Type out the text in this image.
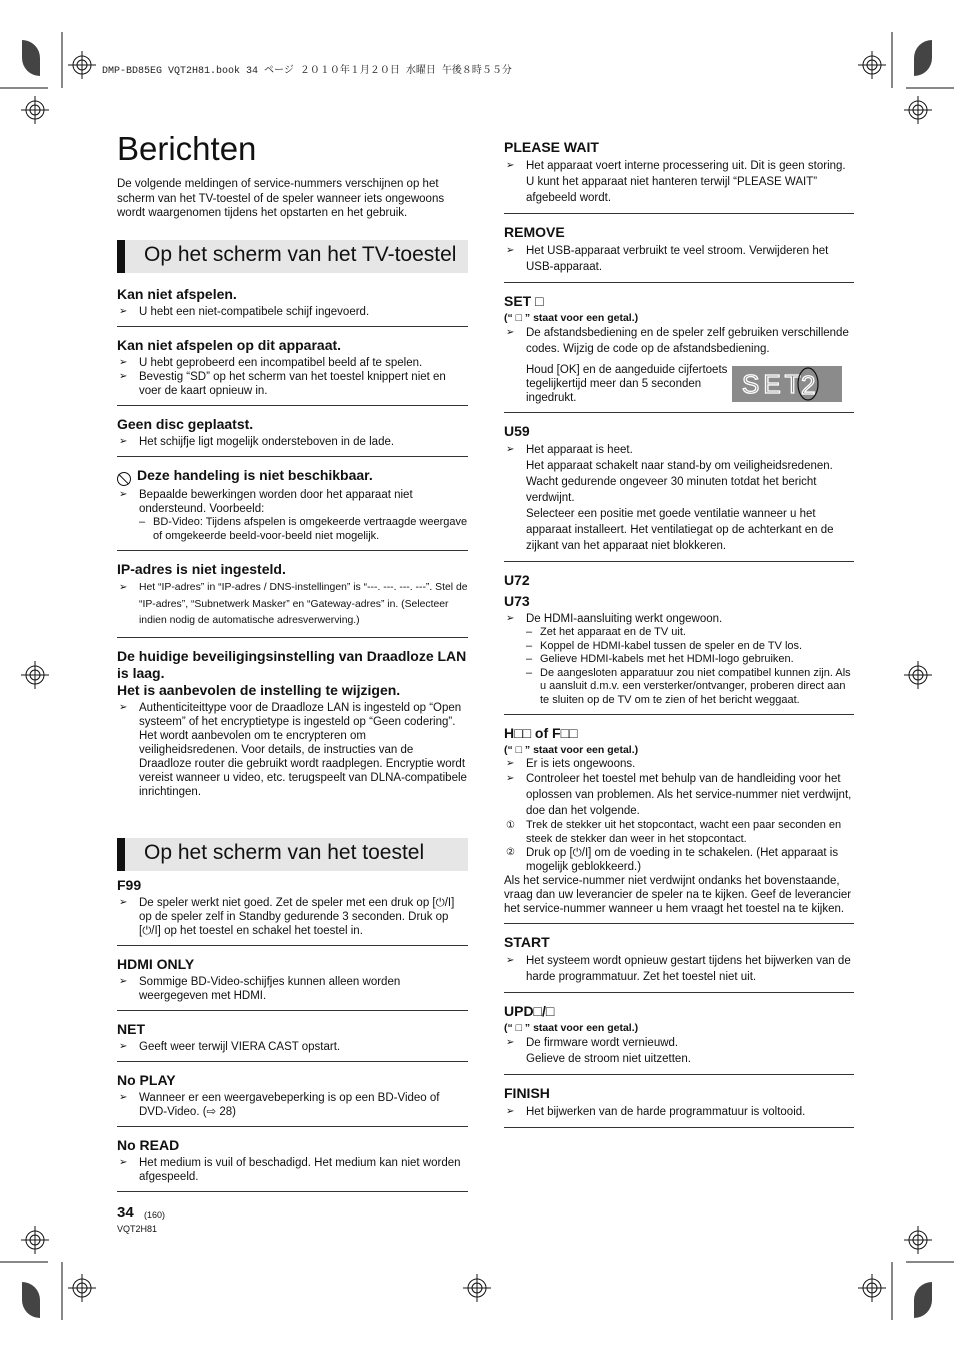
DMP-BD85EG VQT2H81.book 34 ページ ２０１０年１月２０日 水曜日 午後８時５５分
Berichten
De volgende meldingen of service-nummers verschijnen op het scherm van het TV-toestel of de speler wanneer iets ongewoons wordt waargenomen tijdens het opstarten en het gebruik.
Op het scherm van het TV-toestel

Kan niet afspelen.

➢ U hebt een niet-compatibele schijf ingevoerd.

Kan niet afspelen op dit apparaat.

➢ U hebt geprobeerd een incompatibel beeld af te spelen.

➢ Bevestig “SD” op het scherm van het toestel knippert niet en voer de kaart opnieuw in.

Geen disc geplaatst.

➢ Het schijfje ligt mogelijk ondersteboven in de lade.

Deze handeling is niet beschikbaar.

➢ Bepaalde bewerkingen worden door het apparaat niet ondersteund. Voorbeeld:

– BD-Video: Tijdens afspelen is omgekeerde vertraagde weergave of omgekeerde beeld-voor-beeld niet mogelijk.

IP-adres is niet ingesteld.

➢ Het “IP-adres” in “IP-adres / DNS-instellingen” is “---. ---. ---. ---”. Stel de “IP-adres”, “Subnetwerk Masker” en “Gateway-adres” in. (Selecteer indien nodig de automatische adresverwerving.)

De huidige beveiligingsinstelling van Draadloze LAN is laag.
Het is aanbevolen de instelling te wijzigen.

➢ Authenticiteittype voor de Draadloze LAN is ingesteld op “Open systeem” of het encryptietype is ingesteld op “Geen codering”. Het wordt aanbevolen om te encrypteren om veiligheidsredenen. Voor details, de instructies van de Draadloze router die gebruikt wordt raadplegen. Encryptie wordt vereist wanneer u video, etc. terugspeelt van DLNA-compatibele inrichtingen.

Op het scherm van het toestel

F99

➢ De speler werkt niet goed. Zet de speler met een druk op [⏻/I] op de speler zelf in Standby gedurende 3 seconden. Druk op [⏻/I] op het toestel en schakel het toestel in.

HDMI ONLY

➢ Sommige BD-Video-schijfjes kunnen alleen worden weergegeven met HDMI.

NET

➢ Geeft weer terwijl VIERA CAST opstart.

No PLAY

➢ Wanneer er een weergavebeperking is op een BD-Video of DVD-Video. (⇨ 28)

No READ

➢ Het medium is vuil of beschadigd. Het medium kan niet worden afgespeeld.

PLEASE WAIT

➢ Het apparaat voert interne processering uit. Dit is geen storing. U kunt het apparaat niet hanteren terwijl “PLEASE WAIT” afgebeeld wordt.

REMOVE

➢ Het USB-apparaat verbruikt te veel stroom. Verwijderen het USB-apparaat.

SET □

(“ □ ” staat voor een getal.)

➢ De afstandsbediening en de speler zelf gebruiken verschillende codes. Wijzig de code op de afstandsbediening.

Houd [OK] en de aangeduide cijfertoets tegelijkertijd meer dan 5 seconden ingedrukt.	SET
2

U59

➢ Het apparaat is heet.
Het apparaat schakelt naar stand-by om veiligheidsredenen. Wacht gedurende ongeveer 30 minuten totdat het bericht verdwijnt.
Selecteer een positie met goede ventilatie wanneer u het apparaat installeert. Het ventilatiegat op de achterkant en de zijkant van het apparaat niet blokkeren.

U72

U73

➢ De HDMI-aansluiting werkt ongewoon.

– Zet het apparaat en de TV uit.

– Koppel de HDMI-kabel tussen de speler en de TV los.

– Gelieve HDMI-kabels met het HDMI-logo gebruiken.

– De aangesloten apparatuur zou niet compatibel kunnen zijn. Als u aansluit d.m.v. een versterker/ontvanger, proberen direct aan te sluiten op de TV om te zien of het bericht weggaat.

H□□ of F□□

(“ □ ” staat voor een getal.)

➢ Er is iets ongewoons.

➢ Controleer het toestel met behulp van de handleiding voor het oplossen van problemen. Als het service-nummer niet verdwijnt, doe dan het volgende.

① Trek de stekker uit het stopcontact, wacht een paar seconden en steek de stekker dan weer in het stopcontact.

② Druk op [⏻/I] om de voeding in te schakelen. (Het apparaat is mogelijk geblokkeerd.)

Als het service-nummer niet verdwijnt ondanks het bovenstaande, vraag dan uw leverancier de speler na te kijken. Geef de leverancier het service-nummer wanneer u hem vraagt het toestel na te kijken.

START

➢ Het systeem wordt opnieuw gestart tijdens het bijwerken van de harde programmatuur. Zet het toestel niet uit.

UPD□/□

(“ □ ” staat voor een getal.)

➢ De firmware wordt vernieuwd.
Gelieve de stroom niet uitzetten.

FINISH

➢ Het bijwerken van de harde programmatuur is voltooid.

34 (160)
VQT2H81
